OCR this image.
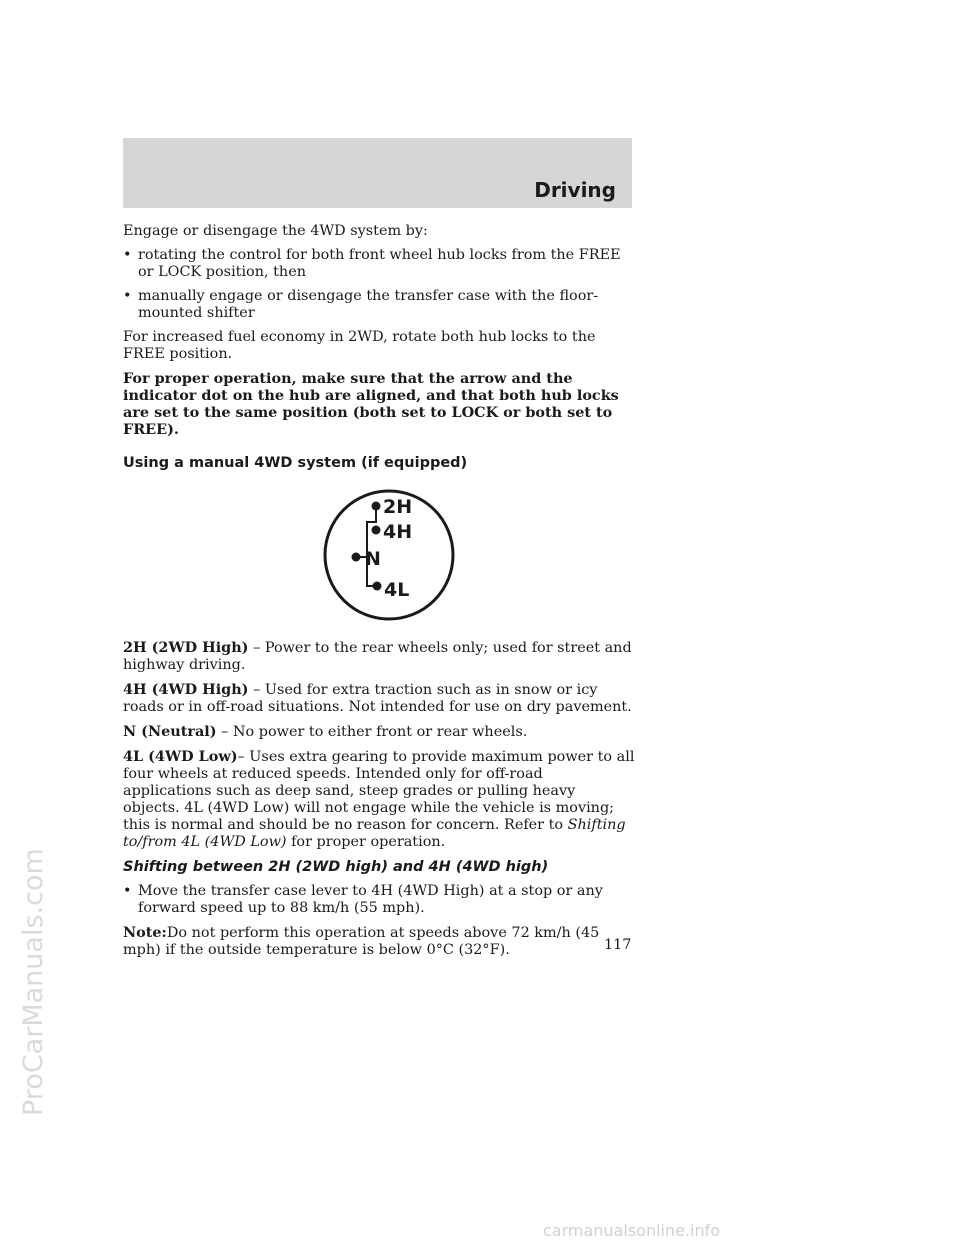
Driving
ProCarManuals.com

Engage or disengage the 4WD system by:

• rotating the control for both front wheel hub locks from the FREE or LOCK position, then
• manually engage or disengage the transfer case with the floor-mounted shifter

For increased fuel economy in 2WD, rotate both hub locks to the FREE position.

For proper operation, make sure that the arrow and the indicator dot on the hub are aligned, and that both hub locks are set to the same position (both set to LOCK or both set to FREE).

Using a manual 4WD system (if equipped)
2H
4H
N
4L

2H (2WD High) – Power to the rear wheels only; used for street and highway driving.

4H (4WD High) – Used for extra traction such as in snow or icy roads or in off-road situations. Not intended for use on dry pavement.

N (Neutral) – No power to either front or rear wheels.

4L (4WD Low)– Uses extra gearing to provide maximum power to all four wheels at reduced speeds. Intended only for off-road applications such as deep sand, steep grades or pulling heavy objects. 4L (4WD Low) will not engage while the vehicle is moving; this is normal and should be no reason for concern. Refer to Shifting to/from 4L (4WD Low) for proper operation.

Shifting between 2H (2WD high) and 4H (4WD high)
• Move the transfer case lever to 4H (4WD High) at a stop or any forward speed up to 88 km/h (55 mph).

Note:Do not perform this operation at speeds above 72 km/h (45 mph) if the outside temperature is below 0°C (32°F).	117
carmanualsonline.info
